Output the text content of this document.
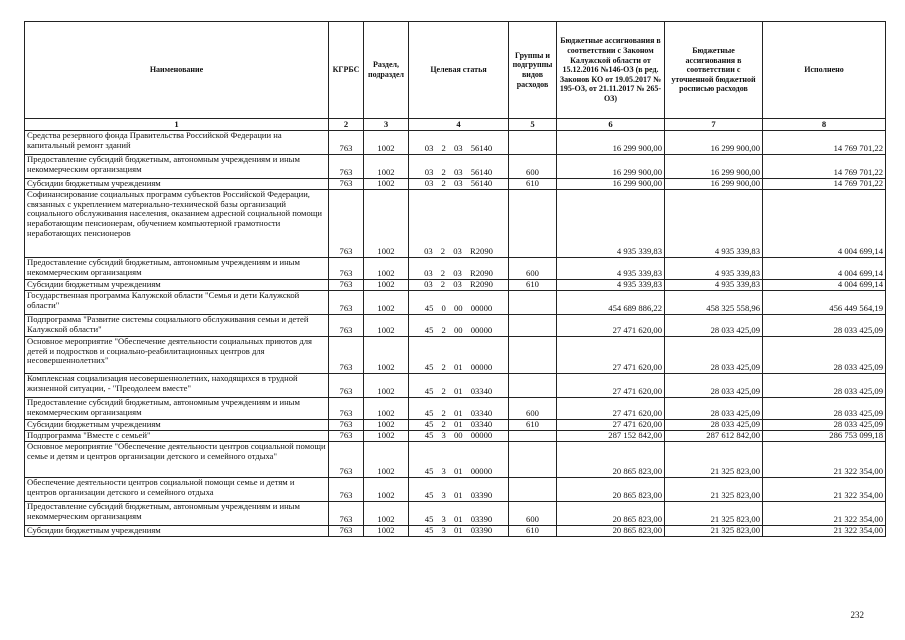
Наименование	КГРБС	Раздел, подраздел	Целевая статья	Группы и подгруппы видов расходов	Бюджетные ассигнования в соответствии с Законом Калужской области от 15.12.2016 №146-ОЗ (в ред. Законов КО от 19.05.2017 № 195-ОЗ, от 21.11.2017 № 265-ОЗ)	Бюджетные ассигнования в соответствии с уточненной бюджетной росписью расходов	Исполнено
1	2	3	4	5	6	7	8
Средства резервного фонда Правительства Российской Федерации на капитальный ремонт зданий	763	1002	03 2 03 56140		16 299 900,00	16 299 900,00	14 769 701,22
Предоставление субсидий бюджетным, автономным учреждениям и иным некоммерческим организациям	763	1002	03 2 03 56140	600	16 299 900,00	16 299 900,00	14 769 701,22
Субсидии бюджетным учреждениям	763	1002	03 2 03 56140	610	16 299 900,00	16 299 900,00	14 769 701,22
Софинансирование социальных программ субъектов Российской Федерации, связанных с укреплением материально-технической базы организаций социального обслуживания населения, оказанием адресной социальной помощи неработающим пенсионерам, обучением компьютерной грамотности неработающих пенсионеров	763	1002	03 2 03 R2090		4 935 339,83	4 935 339,83	4 004 699,14
Предоставление субсидий бюджетным, автономным учреждениям и иным некоммерческим организациям	763	1002	03 2 03 R2090	600	4 935 339,83	4 935 339,83	4 004 699,14
Субсидии бюджетным учреждениям	763	1002	03 2 03 R2090	610	4 935 339,83	4 935 339,83	4 004 699,14
Государственная программа Калужской области "Семья и дети Калужской области"	763	1002	45 0 00 00000		454 689 886,22	458 325 558,96	456 449 564,19
Подпрограмма "Развитие системы социального обслуживания семьи и детей Калужской области"	763	1002	45 2 00 00000		27 471 620,00	28 033 425,09	28 033 425,09
Основное мероприятие "Обеспечение деятельности социальных приютов для детей и подростков и социально-реабилитационных центров для несовершеннолетних"	763	1002	45 2 01 00000		27 471 620,00	28 033 425,09	28 033 425,09
Комплексная социализация несовершеннолетних, находящихся в трудной жизненной ситуации, - "Преодолеем вместе"	763	1002	45 2 01 03340		27 471 620,00	28 033 425,09	28 033 425,09
Предоставление субсидий бюджетным, автономным учреждениям и иным некоммерческим организациям	763	1002	45 2 01 03340	600	27 471 620,00	28 033 425,09	28 033 425,09
Субсидии бюджетным учреждениям	763	1002	45 2 01 03340	610	27 471 620,00	28 033 425,09	28 033 425,09
Подпрограмма "Вместе с семьей"	763	1002	45 3 00 00000		287 152 842,00	287 612 842,00	286 753 099,18
Основное мероприятие "Обеспечение деятельности центров социальной помощи семье и детям и центров организации детского и семейного отдыха"	763	1002	45 3 01 00000		20 865 823,00	21 325 823,00	21 322 354,00
Обеспечение деятельности центров социальной помощи семье и детям и центров организации детского и семейного отдыха	763	1002	45 3 01 03390		20 865 823,00	21 325 823,00	21 322 354,00
Предоставление субсидий бюджетным, автономным учреждениям и иным некоммерческим организациям	763	1002	45 3 01 03390	600	20 865 823,00	21 325 823,00	21 322 354,00
Субсидии бюджетным учреждениям	763	1002	45 3 01 03390	610	20 865 823,00	21 325 823,00	21 322 354,00
232
